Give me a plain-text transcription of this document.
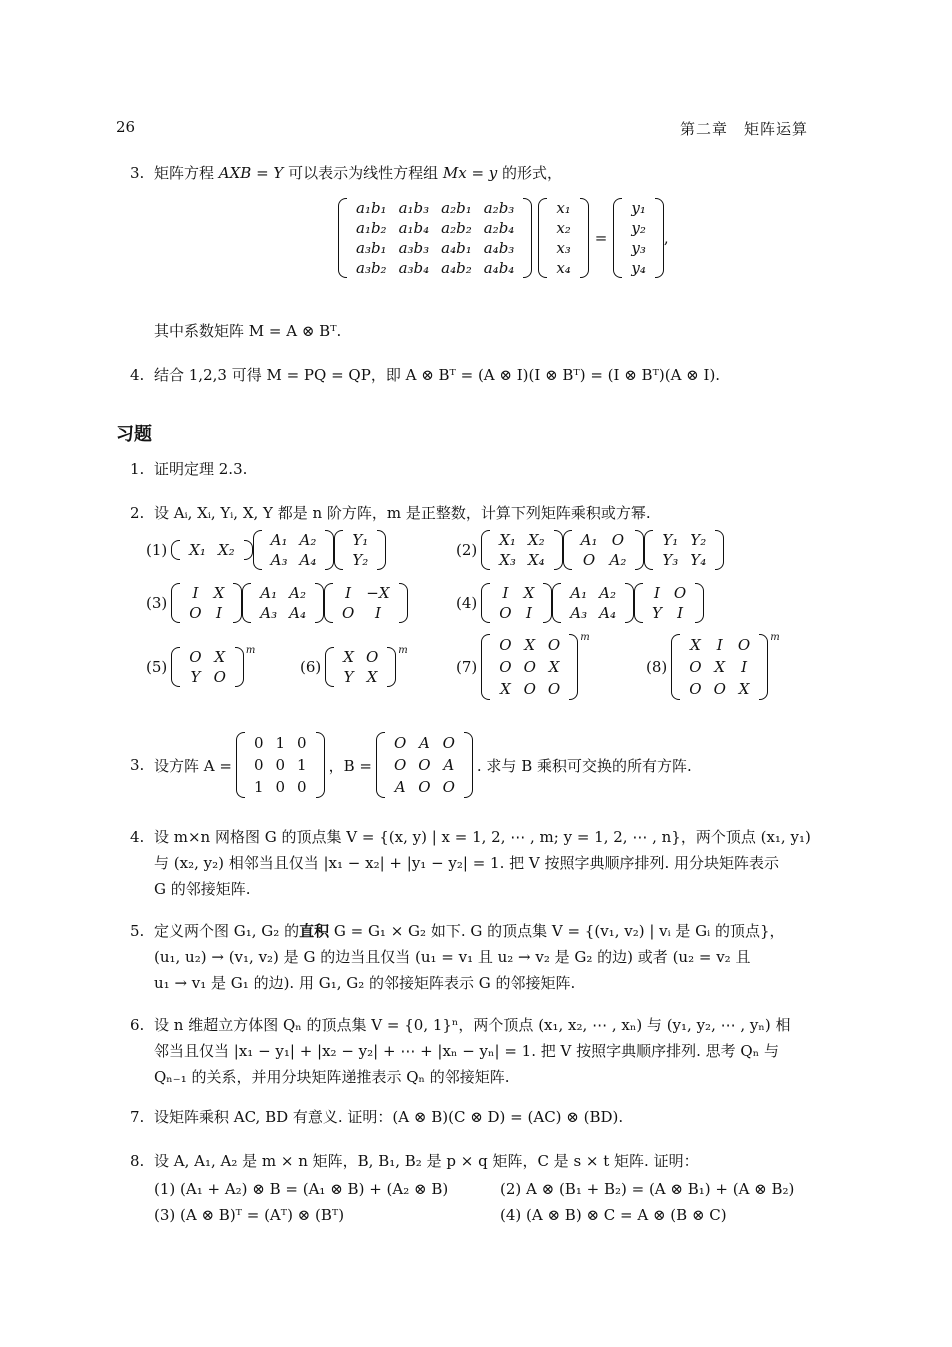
26	第二章　矩阵运算
3. 矩阵方程 AXB = Y 可以表示为线性方程组 Mx = y 的形式，
a₁b₁	a₁b₃	a₂b₁	a₂b₃
a₁b₂	a₁b₄	a₂b₂	a₂b₄
a₃b₁	a₃b₃	a₄b₁	a₄b₃
a₃b₂	a₃b₄	a₄b₂	a₄b₄
x₁
x₂
x₃
x₄
=
y₁
y₂
y₃
y₄
,
其中系数矩阵 M = A ⊗ Bᵀ.
4. 结合 1,2,3 可得 M = PQ = QP，即 A ⊗ Bᵀ = (A ⊗ I)(I ⊗ Bᵀ) = (I ⊗ Bᵀ)(A ⊗ I).
习题
1. 证明定理 2.3.
2. 设 Aᵢ, Xᵢ, Yᵢ, X, Y 都是 n 阶方阵，m 是正整数，计算下列矩阵乘积或方幂.
(1) X₁	X₂
A₁	A₂
A₃	A₄
Y₁
Y₂
(2)
X₁	X₂
X₃	X₄
A₁	O
O	A₂
Y₁	Y₂
Y₃	Y₄
(3)
I	X
O	I
A₁	A₂
A₃	A₄
I	−X
O	I
(4)
I	X
O	I
A₁	A₂
A₃	A₄
I	O
Y	I
(5)
O	X
Y	O
m
(6)
X	O
Y	X
m
(7)
O	X	O
O	O	X
X	O	O
m
(8)
X	I	O
O	X	I
O	O	X
m
3. 设方阵 A =
0	1	0
0	0	1
1	0	0
，B =
O	A	O
O	O	A
A	O	O
. 求与 B 乘积可交换的所有方阵.
4. 设 m×n 网格图 G 的顶点集 V = {(x, y) | x = 1, 2, ⋯ , m; y = 1, 2, ⋯ , n}，两个顶点 (x₁, y₁)
与 (x₂, y₂) 相邻当且仅当 |x₁ − x₂| + |y₁ − y₂| = 1. 把 V 按照字典顺序排列. 用分块矩阵表示
G 的邻接矩阵.
5. 定义两个图 G₁, G₂ 的直积 G = G₁ × G₂ 如下. G 的顶点集 V = {(v₁, v₂) | vᵢ 是 Gᵢ 的顶点}，
(u₁, u₂) → (v₁, v₂) 是 G 的边当且仅当 (u₁ = v₁ 且 u₂ → v₂ 是 G₂ 的边) 或者 (u₂ = v₂ 且
u₁ → v₁ 是 G₁ 的边). 用 G₁, G₂ 的邻接矩阵表示 G 的邻接矩阵.
6. 设 n 维超立方体图 Qₙ 的顶点集 V = {0, 1}ⁿ，两个顶点 (x₁, x₂, ⋯ , xₙ) 与 (y₁, y₂, ⋯ , yₙ) 相
邻当且仅当 |x₁ − y₁| + |x₂ − y₂| + ⋯ + |xₙ − yₙ| = 1. 把 V 按照字典顺序排列. 思考 Qₙ 与
Qₙ₋₁ 的关系，并用分块矩阵递推表示 Qₙ 的邻接矩阵.
7. 设矩阵乘积 AC, BD 有意义. 证明：(A ⊗ B)(C ⊗ D) = (AC) ⊗ (BD).
8. 设 A, A₁, A₂ 是 m × n 矩阵，B, B₁, B₂ 是 p × q 矩阵，C 是 s × t 矩阵. 证明：
(1) (A₁ + A₂) ⊗ B = (A₁ ⊗ B) + (A₂ ⊗ B)	(2) A ⊗ (B₁ + B₂) = (A ⊗ B₁) + (A ⊗ B₂)
(3) (A ⊗ B)ᵀ = (Aᵀ) ⊗ (Bᵀ)	(4) (A ⊗ B) ⊗ C = A ⊗ (B ⊗ C)
